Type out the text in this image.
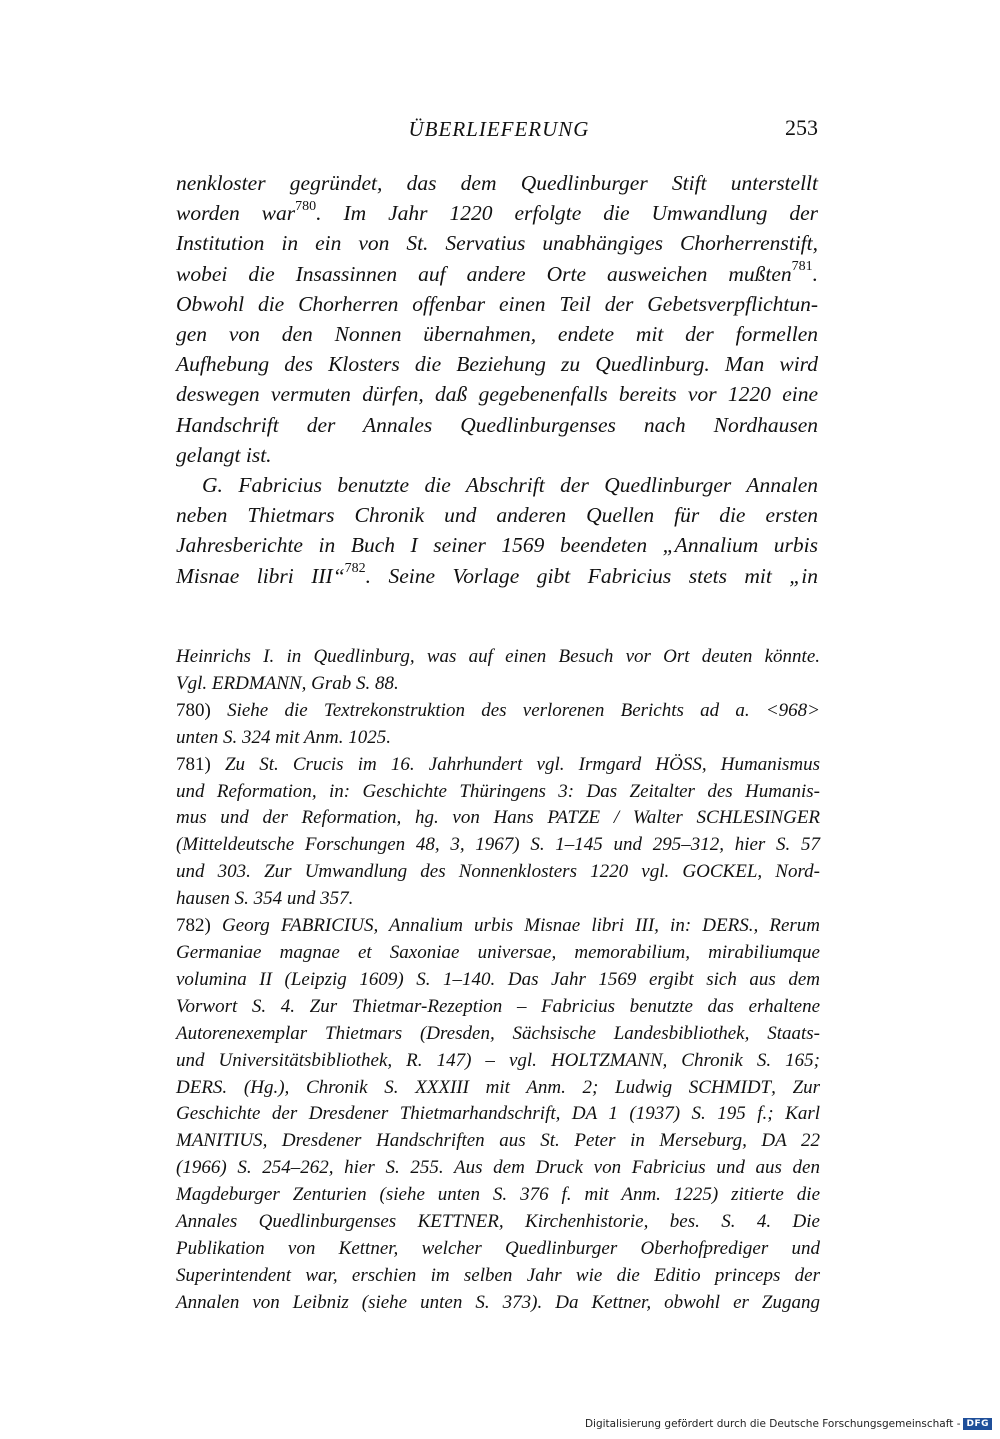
ÜBERLIEFERUNG	253
nenkloster gegründet, das dem Quedlinburger Stift unterstellt
worden war$^{780}$. Im Jahr 1220 erfolgte die Umwandlung der
Institution in ein von St. Servatius unabhängiges Chorherrenstift,
wobei die Insassinnen auf andere Orte ausweichen mußten$^{781}$.
Obwohl die Chorherren offenbar einen Teil der Gebetsverpflichtun-
gen von den Nonnen übernahmen, endete mit der formellen
Aufhebung des Klosters die Beziehung zu Quedlinburg. Man wird
deswegen vermuten dürfen, daß gegebenenfalls bereits vor 1220 eine
Handschrift der Annales Quedlinburgenses nach Nordhausen
gelangt ist.
G. Fabricius benutzte die Abschrift der Quedlinburger Annalen
neben Thietmars Chronik und anderen Quellen für die ersten
Jahresberichte in Buch I seiner 1569 beendeten „Annalium urbis
Misnae libri III“$^{782}$. Seine Vorlage gibt Fabricius stets mit „in
Heinrichs I. in Quedlinburg, was auf einen Besuch vor Ort deuten könnte.
Vgl. ERDMANN, Grab S. 88.
780) Siehe die Textrekonstruktion des verlorenen Berichts ad a. <968>
unten S. 324 mit Anm. 1025.
781) Zu St. Crucis im 16. Jahrhundert vgl. Irmgard HÖSS, Humanismus
und Reformation, in: Geschichte Thüringens 3: Das Zeitalter des Humanis-
mus und der Reformation, hg. von Hans PATZE / Walter SCHLESINGER
(Mitteldeutsche Forschungen 48, 3, 1967) S. 1–145 und 295–312, hier S. 57
und 303. Zur Umwandlung des Nonnenklosters 1220 vgl. GOCKEL, Nord-
hausen S. 354 und 357.
782) Georg FABRICIUS, Annalium urbis Misnae libri III, in: DERS., Rerum
Germaniae magnae et Saxoniae universae, memorabilium, mirabiliumque
volumina II (Leipzig 1609) S. 1–140. Das Jahr 1569 ergibt sich aus dem
Vorwort S. 4. Zur Thietmar-Rezeption – Fabricius benutzte das erhaltene
Autorenexemplar Thietmars (Dresden, Sächsische Landesbibliothek, Staats-
und Universitätsbibliothek, R. 147) – vgl. HOLTZMANN, Chronik S. 165;
DERS. (Hg.), Chronik S. XXXIII mit Anm. 2; Ludwig SCHMIDT, Zur
Geschichte der Dresdener Thietmarhandschrift, DA 1 (1937) S. 195 f.; Karl
MANITIUS, Dresdener Handschriften aus St. Peter in Merseburg, DA 22
(1966) S. 254–262, hier S. 255. Aus dem Druck von Fabricius und aus den
Magdeburger Zenturien (siehe unten S. 376 f. mit Anm. 1225) zitierte die
Annales Quedlinburgenses KETTNER, Kirchenhistorie, bes. S. 4. Die
Publikation von Kettner, welcher Quedlinburger Oberhofprediger und
Superintendent war, erschien im selben Jahr wie die Editio princeps der
Annalen von Leibniz (siehe unten S. 373). Da Kettner, obwohl er Zugang
Digitalisierung gefördert durch die Deutsche Forschungsgemeinschaft - DFG
